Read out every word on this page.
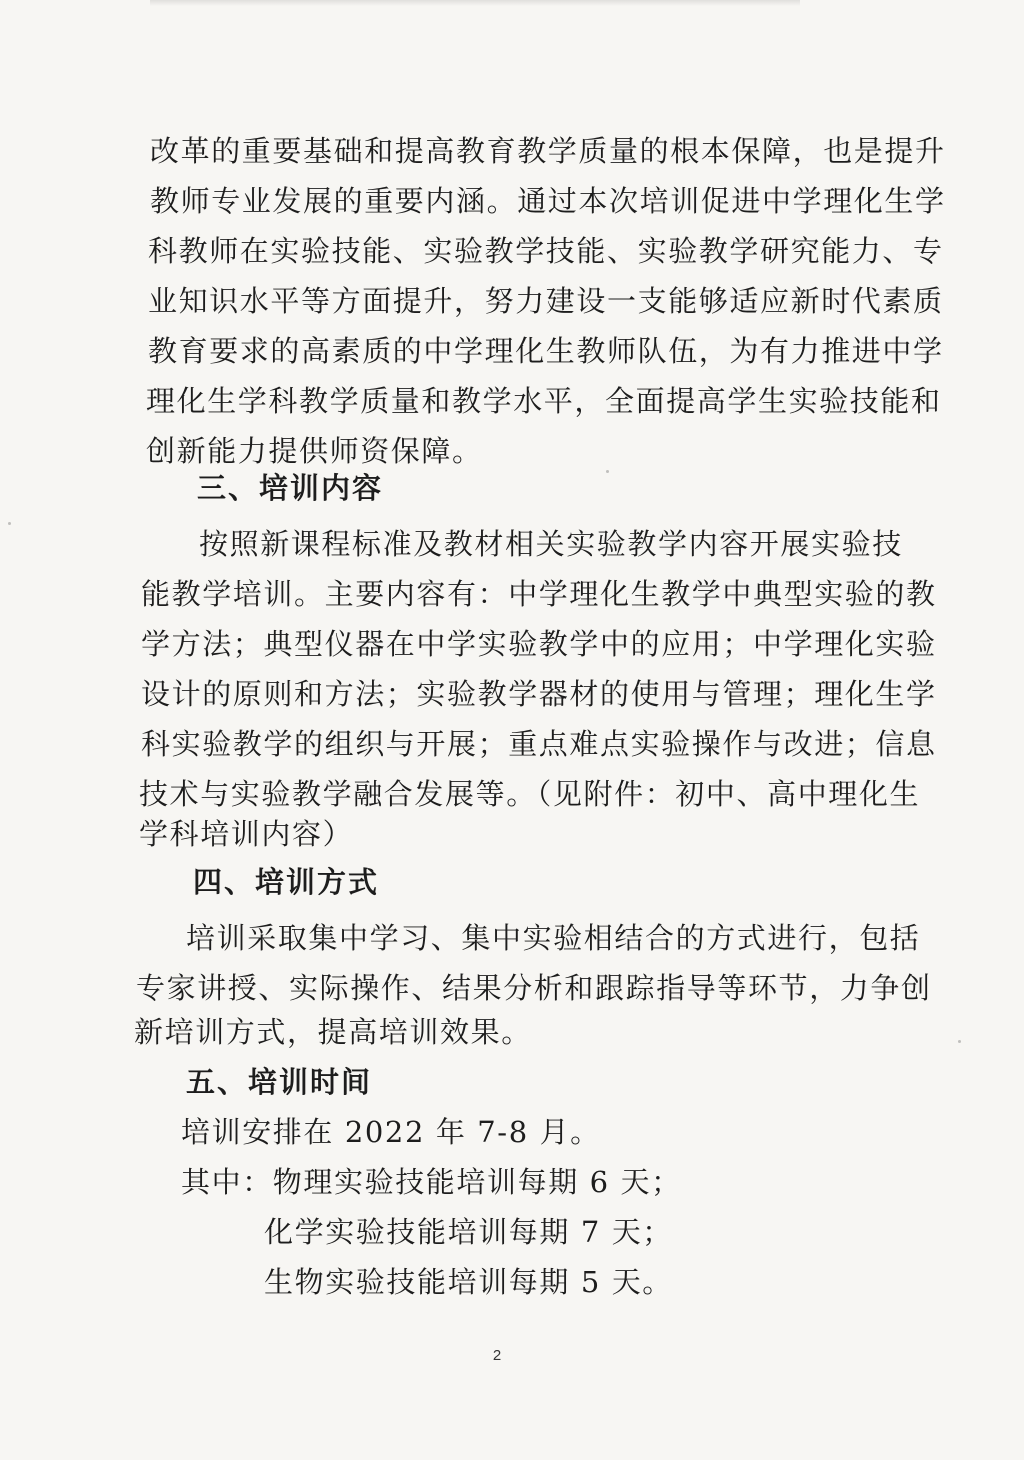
改革的重要基础和提高教育教学质量的根本保障，也是提升

教师专业发展的重要内涵。通过本次培训促进中学理化生学

科教师在实验技能、实验教学技能、实验教学研究能力、专

业知识水平等方面提升，努力建设一支能够适应新时代素质

教育要求的高素质的中学理化生教师队伍，为有力推进中学

理化生学科教学质量和教学水平，全面提高学生实验技能和

创新能力提供师资保障。

三、培训内容

按照新课程标准及教材相关实验教学内容开展实验技

能教学培训。主要内容有：中学理化生教学中典型实验的教

学方法；典型仪器在中学实验教学中的应用；中学理化实验

设计的原则和方法；实验教学器材的使用与管理；理化生学

科实验教学的组织与开展；重点难点实验操作与改进；信息

技术与实验教学融合发展等。（见附件：初中、高中理化生

学科培训内容）

四、培训方式

培训采取集中学习、集中实验相结合的方式进行，包括

专家讲授、实际操作、结果分析和跟踪指导等环节，力争创

新培训方式，提高培训效果。

五、培训时间

培训安排在 2022 年 7-8 月。

其中：物理实验技能培训每期 6 天；

化学实验技能培训每期 7 天；

生物实验技能培训每期 5 天。

2
